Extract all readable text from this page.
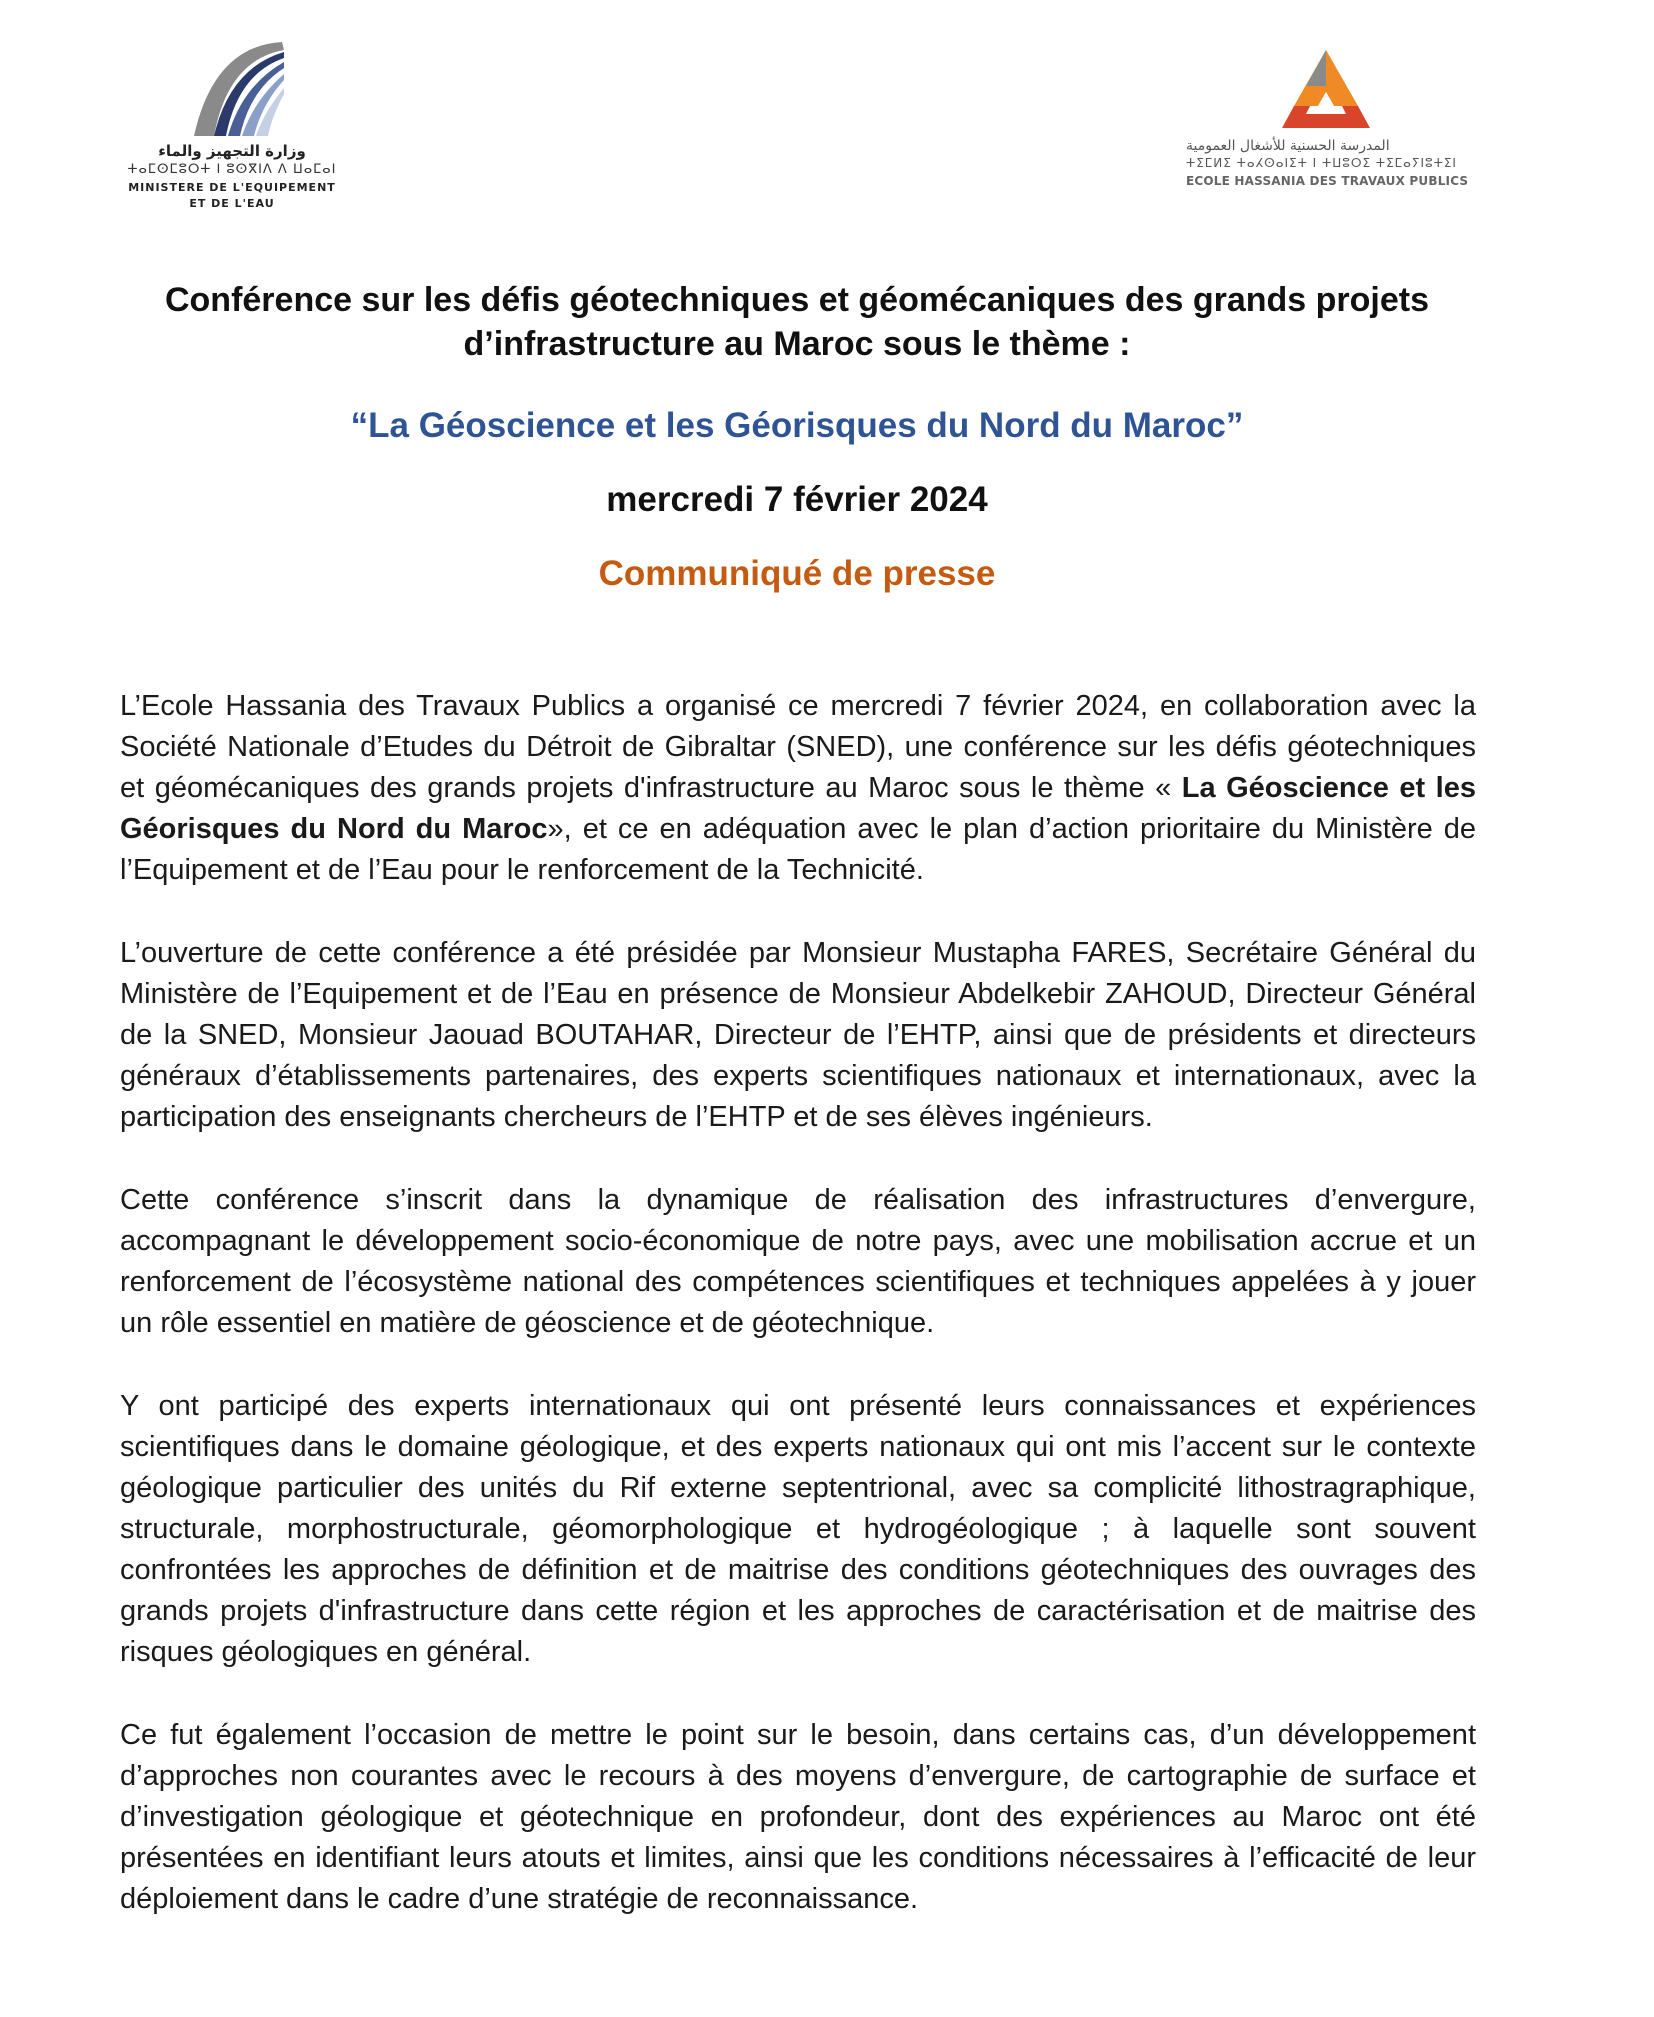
وزارة التجهيز والماء
ⵜⴰⵎⵙⵎⵓⵔⵜ ⵏ ⵓⵙⴳⵏⴷ ⴷ ⵡⴰⵎⴰⵏ
MINISTERE DE L'EQUIPEMENT
ET DE L'EAU
المدرسة الحسنية للأشغال العمومية
ⵜⵉⵎⵍⵉ ⵜⴰⵃⵙⴰⵏⵉⵜ ⵏ ⵜⵡⵓⵔⵉ ⵜⵉⵎⴰⵢⵏⵓⵜⵉⵏ
ECOLE HASSANIA DES TRAVAUX PUBLICS

Conférence sur les défis géotechniques et géomécaniques des grands projets

d’infrastructure au Maroc sous le thème :

“La Géoscience et les Géorisques du Nord du Maroc”
mercredi 7 février 2024
Communiqué de presse

L’Ecole Hassania des Travaux Publics a organisé ce mercredi 7 février 2024, en collaboration avec la Société Nationale d’Etudes du Détroit de Gibraltar (SNED), une conférence sur les défis géotechniques et géomécaniques des grands projets d'infrastructure au Maroc sous le thème « La Géoscience et les Géorisques du Nord du Maroc», et ce en adéquation avec le plan d’action prioritaire du Ministère de l’Equipement et de l’Eau pour le renforcement de la Technicité.

L’ouverture de cette conférence a été présidée par Monsieur Mustapha FARES, Secrétaire Général du Ministère de l’Equipement et de l’Eau en présence de Monsieur Abdelkebir ZAHOUD, Directeur Général de la SNED, Monsieur Jaouad BOUTAHAR, Directeur de l’EHTP, ainsi que de présidents et directeurs généraux d’établissements partenaires, des experts scientifiques nationaux et internationaux, avec la participation des enseignants chercheurs de l’EHTP et de ses élèves ingénieurs.

Cette conférence s’inscrit dans la dynamique de réalisation des infrastructures d’envergure, accompagnant le développement socio-économique de notre pays, avec une mobilisation accrue et un renforcement de l’écosystème national des compétences scientifiques et techniques appelées à y jouer un rôle essentiel en matière de géoscience et de géotechnique.

Y ont participé des experts internationaux qui ont présenté leurs connaissances et expériences scientifiques dans le domaine géologique, et des experts nationaux qui ont mis l’accent sur le contexte géologique particulier des unités du Rif externe septentrional, avec sa complicité lithostragraphique, structurale, morphostructurale, géomorphologique et hydrogéologique ; à laquelle sont souvent confrontées les approches de définition et de maitrise des conditions géotechniques des ouvrages des grands projets d'infrastructure dans cette région et les approches de caractérisation et de maitrise des risques géologiques en général.

Ce fut également l’occasion de mettre le point sur le besoin, dans certains cas, d’un développement d’approches non courantes avec le recours à des moyens d’envergure, de cartographie de surface et d’investigation géologique et géotechnique en profondeur, dont des expériences au Maroc ont été présentées en identifiant leurs atouts et limites, ainsi que les conditions nécessaires à l’efficacité de leur déploiement dans le cadre d’une stratégie de reconnaissance.
